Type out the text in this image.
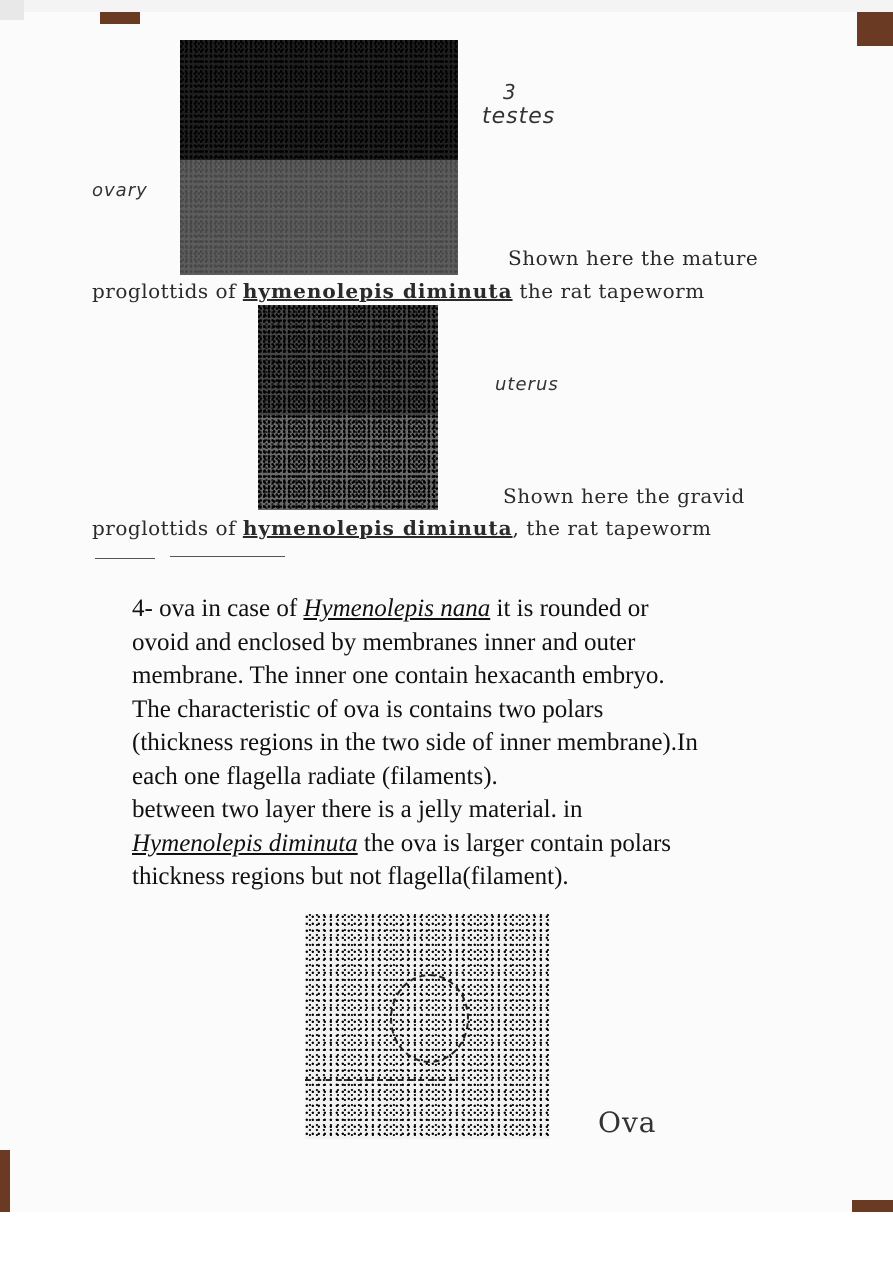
3
testes
ovary
Shown here the mature
proglottids of hymenolepis diminuta the rat tapeworm
uterus
Shown here the gravid
proglottids of hymenolepis diminuta, the rat tapeworm

4- ova in case of Hymenolepis nana it is rounded or

ovoid and enclosed by membranes inner and outer

membrane. The inner one contain hexacanth embryo.

The characteristic of ova is contains two polars

(thickness regions in the two side of inner membrane).In

each one flagella radiate (filaments).

between two layer there is a jelly material. in

Hymenolepis diminuta the ova is larger contain polars

thickness regions but not flagella(filament).

Ova
